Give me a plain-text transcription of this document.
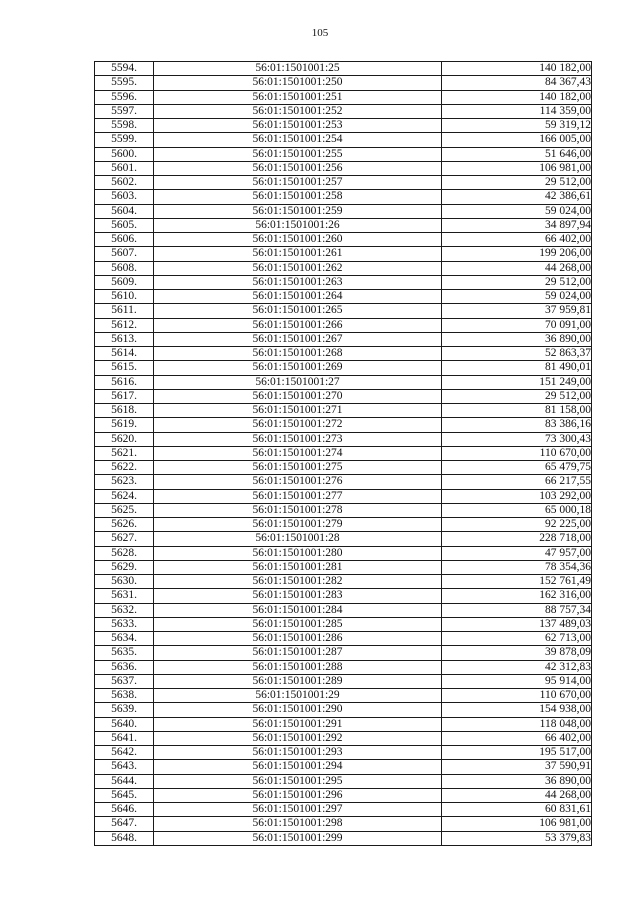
105
5594.	56:01:1501001:25	140 182,00
5595.	56:01:1501001:250	84 367,43
5596.	56:01:1501001:251	140 182,00
5597.	56:01:1501001:252	114 359,00
5598.	56:01:1501001:253	59 319,12
5599.	56:01:1501001:254	166 005,00
5600.	56:01:1501001:255	51 646,00
5601.	56:01:1501001:256	106 981,00
5602.	56:01:1501001:257	29 512,00
5603.	56:01:1501001:258	42 386,61
5604.	56:01:1501001:259	59 024,00
5605.	56:01:1501001:26	34 897,94
5606.	56:01:1501001:260	66 402,00
5607.	56:01:1501001:261	199 206,00
5608.	56:01:1501001:262	44 268,00
5609.	56:01:1501001:263	29 512,00
5610.	56:01:1501001:264	59 024,00
5611.	56:01:1501001:265	37 959,81
5612.	56:01:1501001:266	70 091,00
5613.	56:01:1501001:267	36 890,00
5614.	56:01:1501001:268	52 863,37
5615.	56:01:1501001:269	81 490,01
5616.	56:01:1501001:27	151 249,00
5617.	56:01:1501001:270	29 512,00
5618.	56:01:1501001:271	81 158,00
5619.	56:01:1501001:272	83 386,16
5620.	56:01:1501001:273	73 300,43
5621.	56:01:1501001:274	110 670,00
5622.	56:01:1501001:275	65 479,75
5623.	56:01:1501001:276	66 217,55
5624.	56:01:1501001:277	103 292,00
5625.	56:01:1501001:278	65 000,18
5626.	56:01:1501001:279	92 225,00
5627.	56:01:1501001:28	228 718,00
5628.	56:01:1501001:280	47 957,00
5629.	56:01:1501001:281	78 354,36
5630.	56:01:1501001:282	152 761,49
5631.	56:01:1501001:283	162 316,00
5632.	56:01:1501001:284	88 757,34
5633.	56:01:1501001:285	137 489,03
5634.	56:01:1501001:286	62 713,00
5635.	56:01:1501001:287	39 878,09
5636.	56:01:1501001:288	42 312,83
5637.	56:01:1501001:289	95 914,00
5638.	56:01:1501001:29	110 670,00
5639.	56:01:1501001:290	154 938,00
5640.	56:01:1501001:291	118 048,00
5641.	56:01:1501001:292	66 402,00
5642.	56:01:1501001:293	195 517,00
5643.	56:01:1501001:294	37 590,91
5644.	56:01:1501001:295	36 890,00
5645.	56:01:1501001:296	44 268,00
5646.	56:01:1501001:297	60 831,61
5647.	56:01:1501001:298	106 981,00
5648.	56:01:1501001:299	53 379,83
